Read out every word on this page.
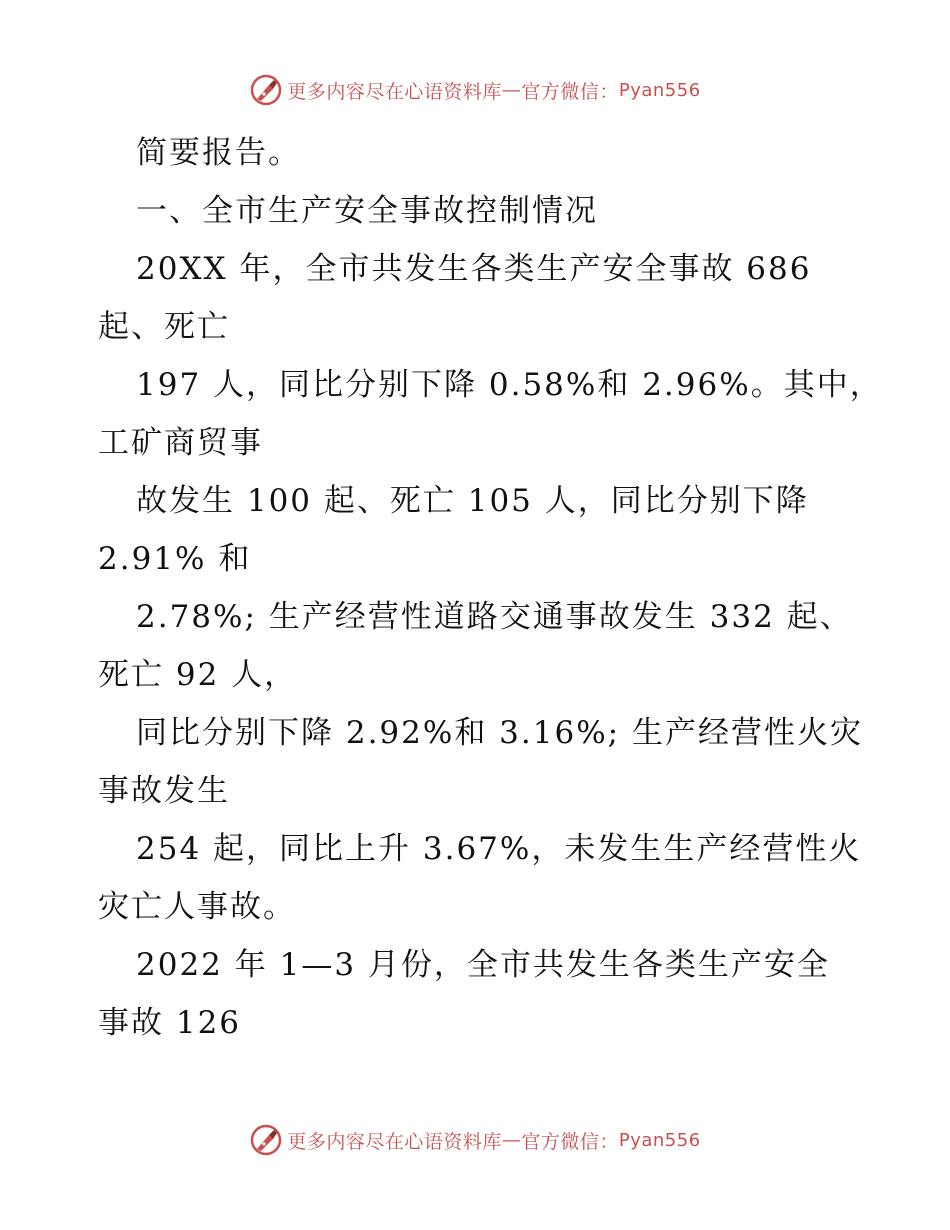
更多内容尽在心语资料库 — 官方微信： Pyan556
简要报告。
一、全市生产安全事故控制情况
20XX 年，全市共发生各类生产安全事故 686
起、死亡
197 人，同比分别下降 0.58%和 2.96%。其中，
工矿商贸事
故发生 100 起、死亡 105 人，同比分别下降
2.91% 和
2.78%; 生产经营性道路交通事故发生 332 起、
死亡 92 人，
同比分别下降 2.92%和 3.16%; 生产经营性火灾
事故发生
254 起，同比上升 3.67%，未发生生产经营性火
灾亡人事故。
2022 年 1—3 月份，全市共发生各类生产安全
事故 126
更多内容尽在心语资料库 — 官方微信： Pyan556
